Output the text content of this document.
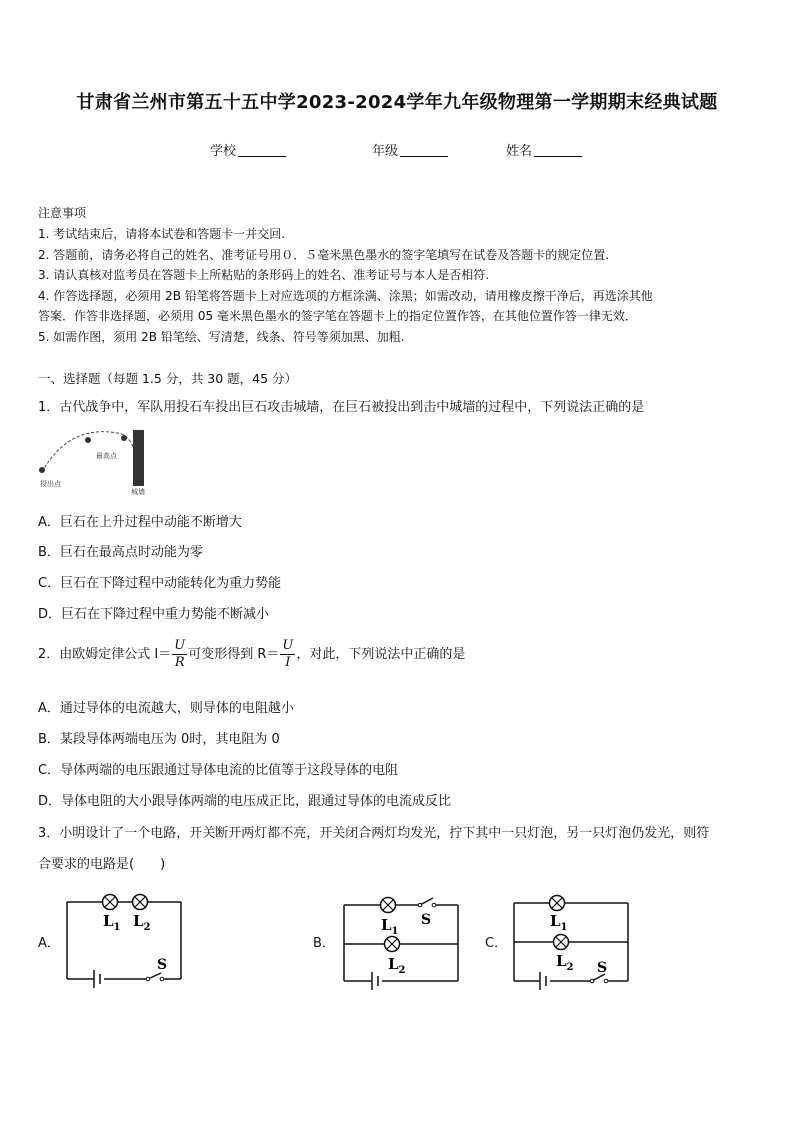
甘肃省兰州市第五十五中学2023-2024学年九年级物理第一学期期末经典试题
学校	年级	姓名
注意事项
1. 考试结束后，请将本试卷和答题卡一并交回.
2. 答题前，请务必将自己的姓名、准考证号用０．５毫米黑色墨水的签字笔填写在试卷及答题卡的规定位置.
3. 请认真核对监考员在答题卡上所粘贴的条形码上的姓名、准考证号与本人是否相符.
4. 作答选择题，必须用 2B 铅笔将答题卡上对应选项的方框涂满、涂黑；如需改动，请用橡皮擦干净后，再选涂其他
答案．作答非选择题，必须用 05 毫米黑色墨水的签字笔在答题卡上的指定位置作答，在其他位置作答一律无效．
5. 如需作图，须用 2B 铅笔绘、写清楚，线条、符号等须加黑、加粗.
一、选择题（每题 1.5 分，共 30 题，45 分）
1．古代战争中，军队用投石车投出巨石攻击城墙，在巨石被投出到击中城墙的过程中，下列说法正确的是
最高点
投出点
城墙
A．巨石在上升过程中动能不断增大
B．巨石在最高点时动能为零
C．巨石在下降过程中动能转化为重力势能
D．巨石在下降过程中重力势能不断减小
2．由欧姆定律公式 $I= \frac{U}{R}$ 可变形得到 $R= \frac{U}{I}$ ，对此，下列说法中正确的是
A．通过导体的电流越大，则导体的电阻越小
B．某段导体两端电压为 0时，其电阻为 0
C．导体两端的电压跟通过导体电流的比值等于这段导体的电阻
D．导体电阻的大小跟导体两端的电压成正比，跟通过导体的电流成反比
3．小明设计了一个电路，开关断开两灯都不亮，开关闭合两灯均发光，拧下其中一只灯泡，另一只灯泡仍发光，则符
合要求的电路是(　　)
A．
$L_1$ $L_2$
S
B．
$L_1$
S
$L_2$
C．
$L_1$
$L_2$ S
